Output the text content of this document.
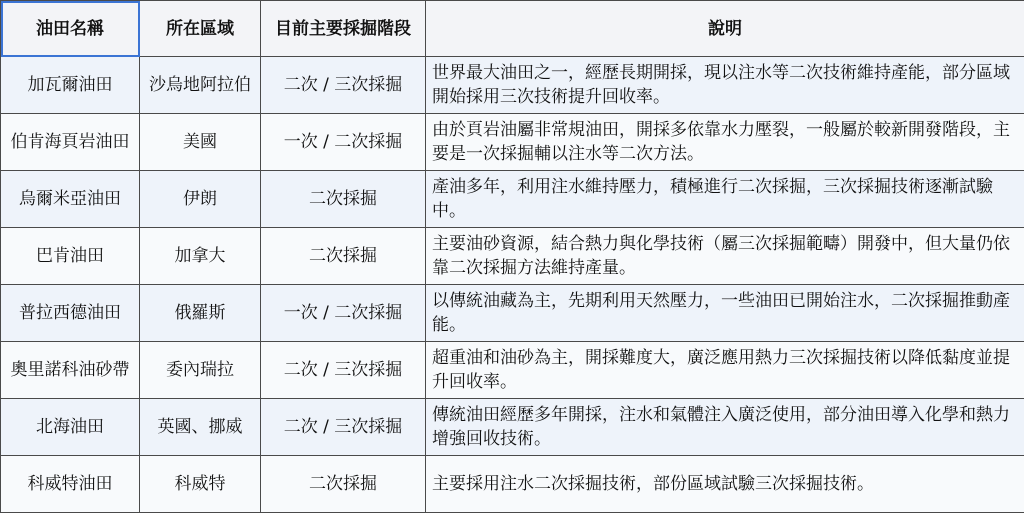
油田名稱	所在區域	目前主要採掘階段	說明
加瓦爾油田	沙烏地阿拉伯	二次 / 三次採掘	世界最大油田之一，經歷長期開採，現以注水等二次技術維持產能，部分區域開始採用三次技術提升回收率。
伯肯海頁岩油田	美國	一次 / 二次採掘	由於頁岩油屬非常規油田，開採多依靠水力壓裂，一般屬於較新開發階段，主要是一次採掘輔以注水等二次方法。
烏爾米亞油田	伊朗	二次採掘	產油多年，利用注水維持壓力，積極進行二次採掘，三次採掘技術逐漸試驗中。
巴肯油田	加拿大	二次採掘	主要油砂資源，結合熱力與化學技術（屬三次採掘範疇）開發中，但大量仍依靠二次採掘方法維持產量。
普拉西德油田	俄羅斯	一次 / 二次採掘	以傳統油藏為主，先期利用天然壓力，一些油田已開始注水，二次採掘推動產能。
奧里諾科油砂帶	委內瑞拉	二次 / 三次採掘	超重油和油砂為主，開採難度大，廣泛應用熱力三次採掘技術以降低黏度並提升回收率。
北海油田	英國、挪威	二次 / 三次採掘	傳統油田經歷多年開採，注水和氣體注入廣泛使用，部分油田導入化學和熱力增強回收技術。
科威特油田	科威特	二次採掘	主要採用注水二次採掘技術，部份區域試驗三次採掘技術。
